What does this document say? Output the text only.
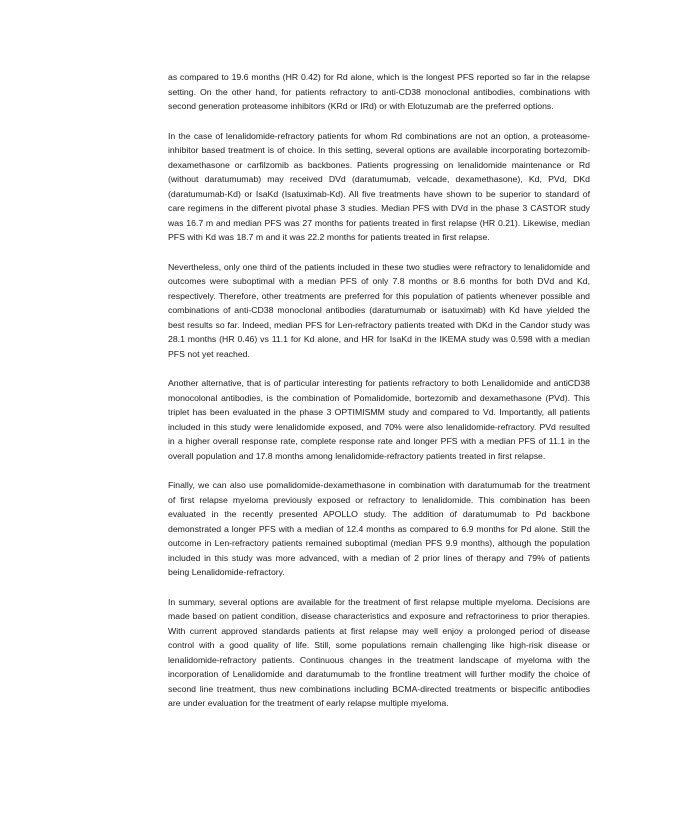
as compared to 19.6 months (HR 0.42) for Rd alone, which is the longest PFS reported so far in the relapse setting. On the other hand, for patients refractory to anti-CD38 monoclonal antibodies, combinations with second generation proteasome inhibitors (KRd or IRd) or with Elotuzumab are the preferred options.

In the case of lenalidomide-refractory patients for whom Rd combinations are not an option, a proteasome-inhibitor based treatment is of choice. In this setting, several options are available incorporating bortezomib-dexamethasone or carfilzomib as backbones. Patients progressing on lenalidomide maintenance or Rd (without daratumumab) may received DVd (daratumumab, velcade, dexamethasone), Kd, PVd, DKd (daratumumab-Kd) or IsaKd (Isatuximab-Kd). All five treatments have shown to be superior to standard of care regimens in the different pivotal phase 3 studies. Median PFS with DVd in the phase 3 CASTOR study was 16.7 m and median PFS was 27 months for patients treated in first relapse (HR 0.21). Likewise, median PFS with Kd was 18.7 m and it was 22.2 months for patients treated in first relapse.

Nevertheless, only one third of the patients included in these two studies were refractory to lenalidomide and outcomes were suboptimal with a median PFS of only 7.8 months or 8.6 months for both DVd and Kd, respectively. Therefore, other treatments are preferred for this population of patients whenever possible and combinations of anti-CD38 monoclonal antibodies (daratumumab or isatuximab) with Kd have yielded the best results so far. Indeed, median PFS for Len-refractory patients treated with DKd in the Candor study was 28.1 months (HR 0.46) vs 11.1 for Kd alone, and HR for IsaKd in the IKEMA study was 0.598 with a median PFS not yet reached.

Another alternative, that is of particular interesting for patients refractory to both Lenalidomide and antiCD38 monocolonal antibodies, is the combination of Pomalidomide, bortezomib and dexamethasone (PVd). This triplet has been evaluated in the phase 3 OPTIMISMM study and compared to Vd. Importantly, all patients included in this study were lenalidomide exposed, and 70% were also lenalidomide-refractory. PVd resulted in a higher overall response rate, complete response rate and longer PFS with a median PFS of 11.1 in the overall population and 17.8 months among lenalidomide-refractory patients treated in first relapse.

Finally, we can also use pomalidomide-dexamethasone in combination with daratumumab for the treatment of first relapse myeloma previously exposed or refractory to lenalidomide. This combination has been evaluated in the recently presented APOLLO study. The addition of daratumumab to Pd backbone demonstrated a longer PFS with a median of 12.4 months as compared to 6.9 months for Pd alone. Still the outcome in Len-refractory patients remained suboptimal (median PFS 9.9 months), although the population included in this study was more advanced, with a median of 2 prior lines of therapy and 79% of patients being Lenalidomide-refractory.

In summary, several options are available for the treatment of first relapse multiple myeloma. Decisions are made based on patient condition, disease characteristics and exposure and refractoriness to prior therapies. With current approved standards patients at first relapse may well enjoy a prolonged period of disease control with a good quality of life. Still, some populations remain challenging like high-risk disease or lenalidomide-refractory patients. Continuous changes in the treatment landscape of myeloma with the incorporation of Lenalidomide and daratumumab to the frontline treatment will further modify the choice of second line treatment, thus new combinations including BCMA-directed treatments or bispecific antibodies are under evaluation for the treatment of early relapse multiple myeloma.
